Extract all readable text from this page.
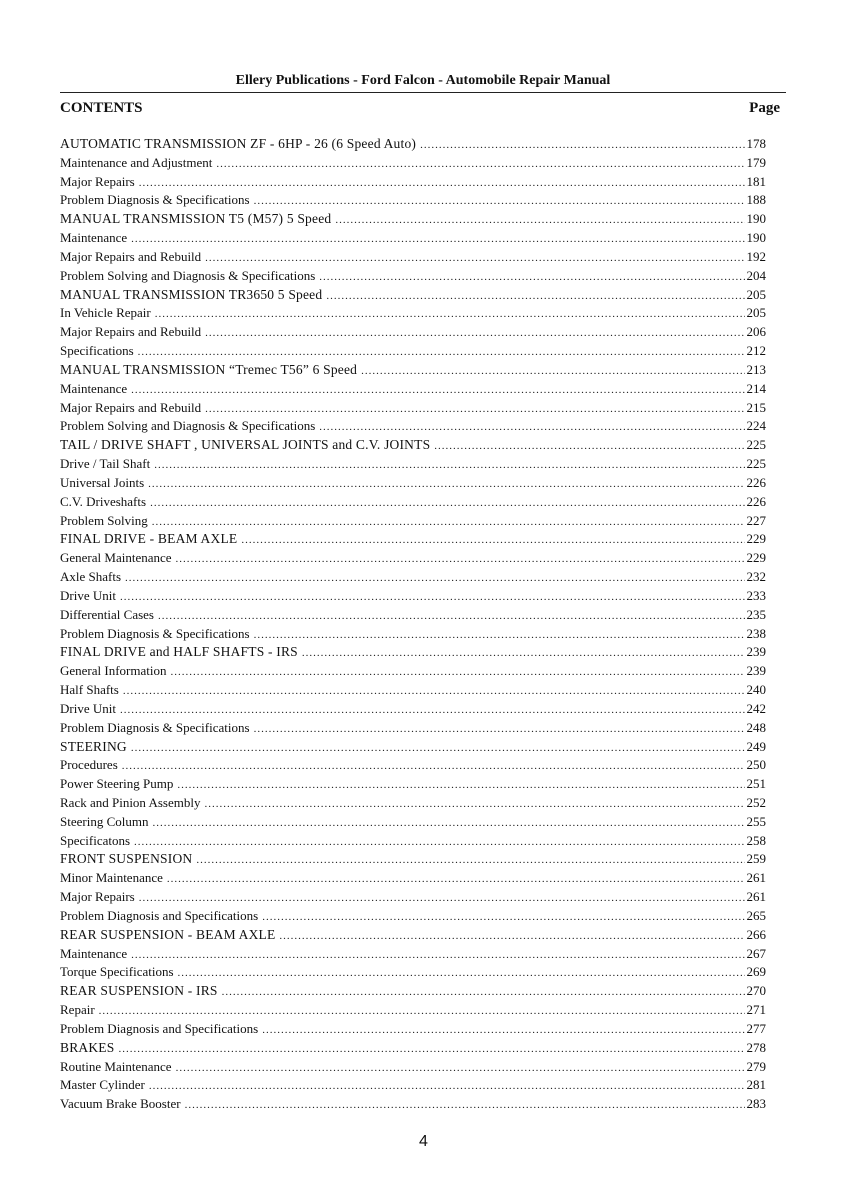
Ellery Publications - Ford Falcon - Automobile Repair Manual
CONTENTS	Page
AUTOMATIC TRANSMISSION ZF - 6HP - 26 (6 Speed Auto) .....	178
Maintenance and Adjustment .....	179
Major Repairs .....	181
Problem Diagnosis & Specifications .....	188
MANUAL TRANSMISSION T5 (M57) 5 Speed .....	190
Maintenance .....	190
Major Repairs and Rebuild .....	192
Problem Solving and Diagnosis & Specifications .....	204
MANUAL TRANSMISSION TR3650 5 Speed .....	205
In Vehicle Repair .....	205
Major Repairs and Rebuild .....	206
Specifications .....	212
MANUAL TRANSMISSION “Tremec T56” 6 Speed .....	213
Maintenance .....	214
Major Repairs and Rebuild .....	215
Problem Solving and Diagnosis & Specifications .....	224
TAIL / DRIVE SHAFT , UNIVERSAL JOINTS and C.V. JOINTS .....	225
Drive / Tail Shaft .....	225
Universal Joints .....	226
C.V. Driveshafts .....	226
Problem Solving .....	227
FINAL DRIVE - BEAM AXLE .....	229
General Maintenance .....	229
Axle Shafts .....	232
Drive Unit .....	233
Differential Cases .....	235
Problem Diagnosis & Specifications .....	238
FINAL DRIVE and HALF SHAFTS - IRS .....	239
General Information .....	239
Half Shafts .....	240
Drive Unit .....	242
Problem Diagnosis & Specifications .....	248
STEERING .....	249
Procedures .....	250
Power Steering Pump .....	251
Rack and Pinion Assembly .....	252
Steering Column .....	255
Specificatons .....	258
FRONT SUSPENSION .....	259
Minor Maintenance .....	261
Major Repairs .....	261
Problem Diagnosis and Specifications .....	265
REAR SUSPENSION - BEAM AXLE .....	266
Maintenance .....	267
Torque Specifications .....	269
REAR SUSPENSION - IRS .....	270
Repair .....	271
Problem Diagnosis and Specifications .....	277
BRAKES .....	278
Routine Maintenance .....	279
Master Cylinder .....	281
Vacuum Brake Booster .....	283
4
